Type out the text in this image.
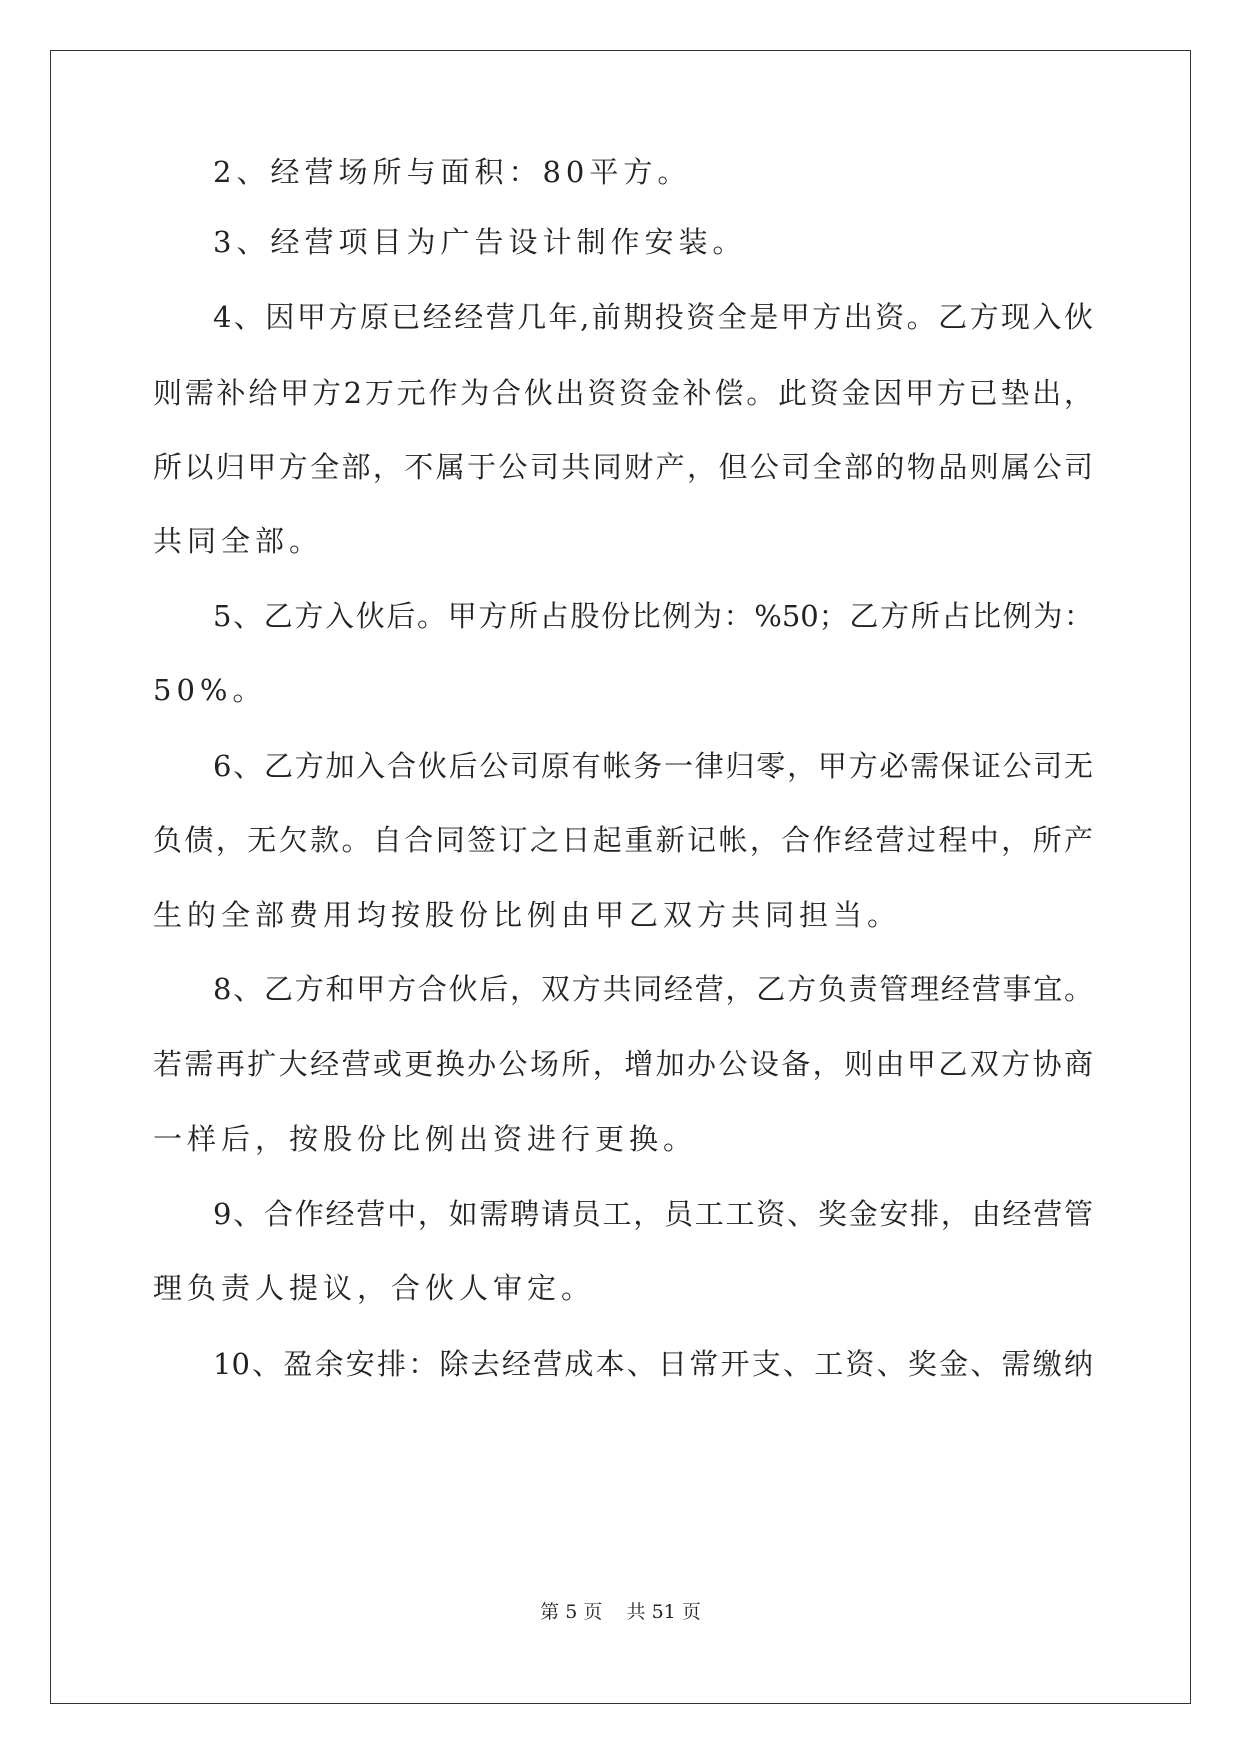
2、经营场所与面积：80平方。
3、经营项目为广告设计制作安装。
4、因甲方原已经经营几年,前期投资全是甲方出资。乙方现入伙
则需补给甲方2万元作为合伙出资资金补偿。此资金因甲方已垫出，
所以归甲方全部，不属于公司共同财产，但公司全部的物品则属公司
共同全部。
5、乙方入伙后。甲方所占股份比例为：%50；乙方所占比例为：
50%。
6、乙方加入合伙后公司原有帐务一律归零，甲方必需保证公司无
负债，无欠款。自合同签订之日起重新记帐，合作经营过程中，所产
生的全部费用均按股份比例由甲乙双方共同担当。
8、乙方和甲方合伙后，双方共同经营，乙方负责管理经营事宜。
若需再扩大经营或更换办公场所，增加办公设备，则由甲乙双方协商
一样后，按股份比例出资进行更换。
9、合作经营中，如需聘请员工，员工工资、奖金安排，由经营管
理负责人提议，合伙人审定。
10、盈余安排：除去经营成本、日常开支、工资、奖金、需缴纳
第 5 页 共 51 页
